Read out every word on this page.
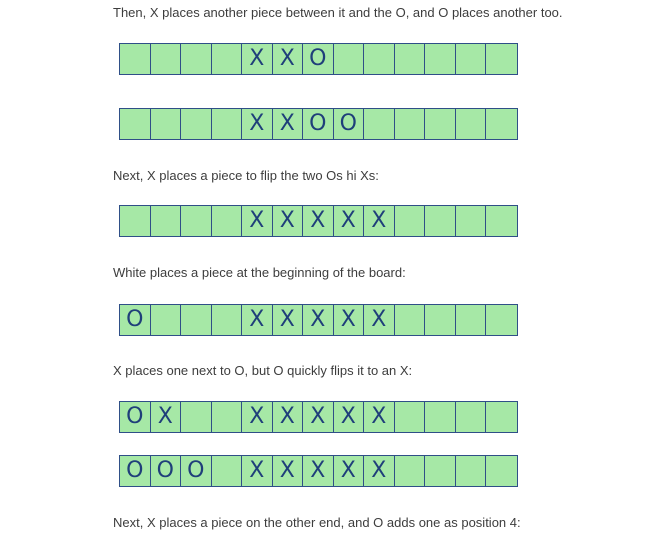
Then, X places another piece between it and the O, and O places another too.
X X O
X X O O
Next, X places a piece to flip the two Os hi Xs:
X X X X X
White places a piece at the beginning of the board:
O	X X X X X
X places one next to O, but O quickly flips it to an X:
O X	X X X X X
O O O	X X X X X
Next, X places a piece on the other end, and O adds one as position 4:
